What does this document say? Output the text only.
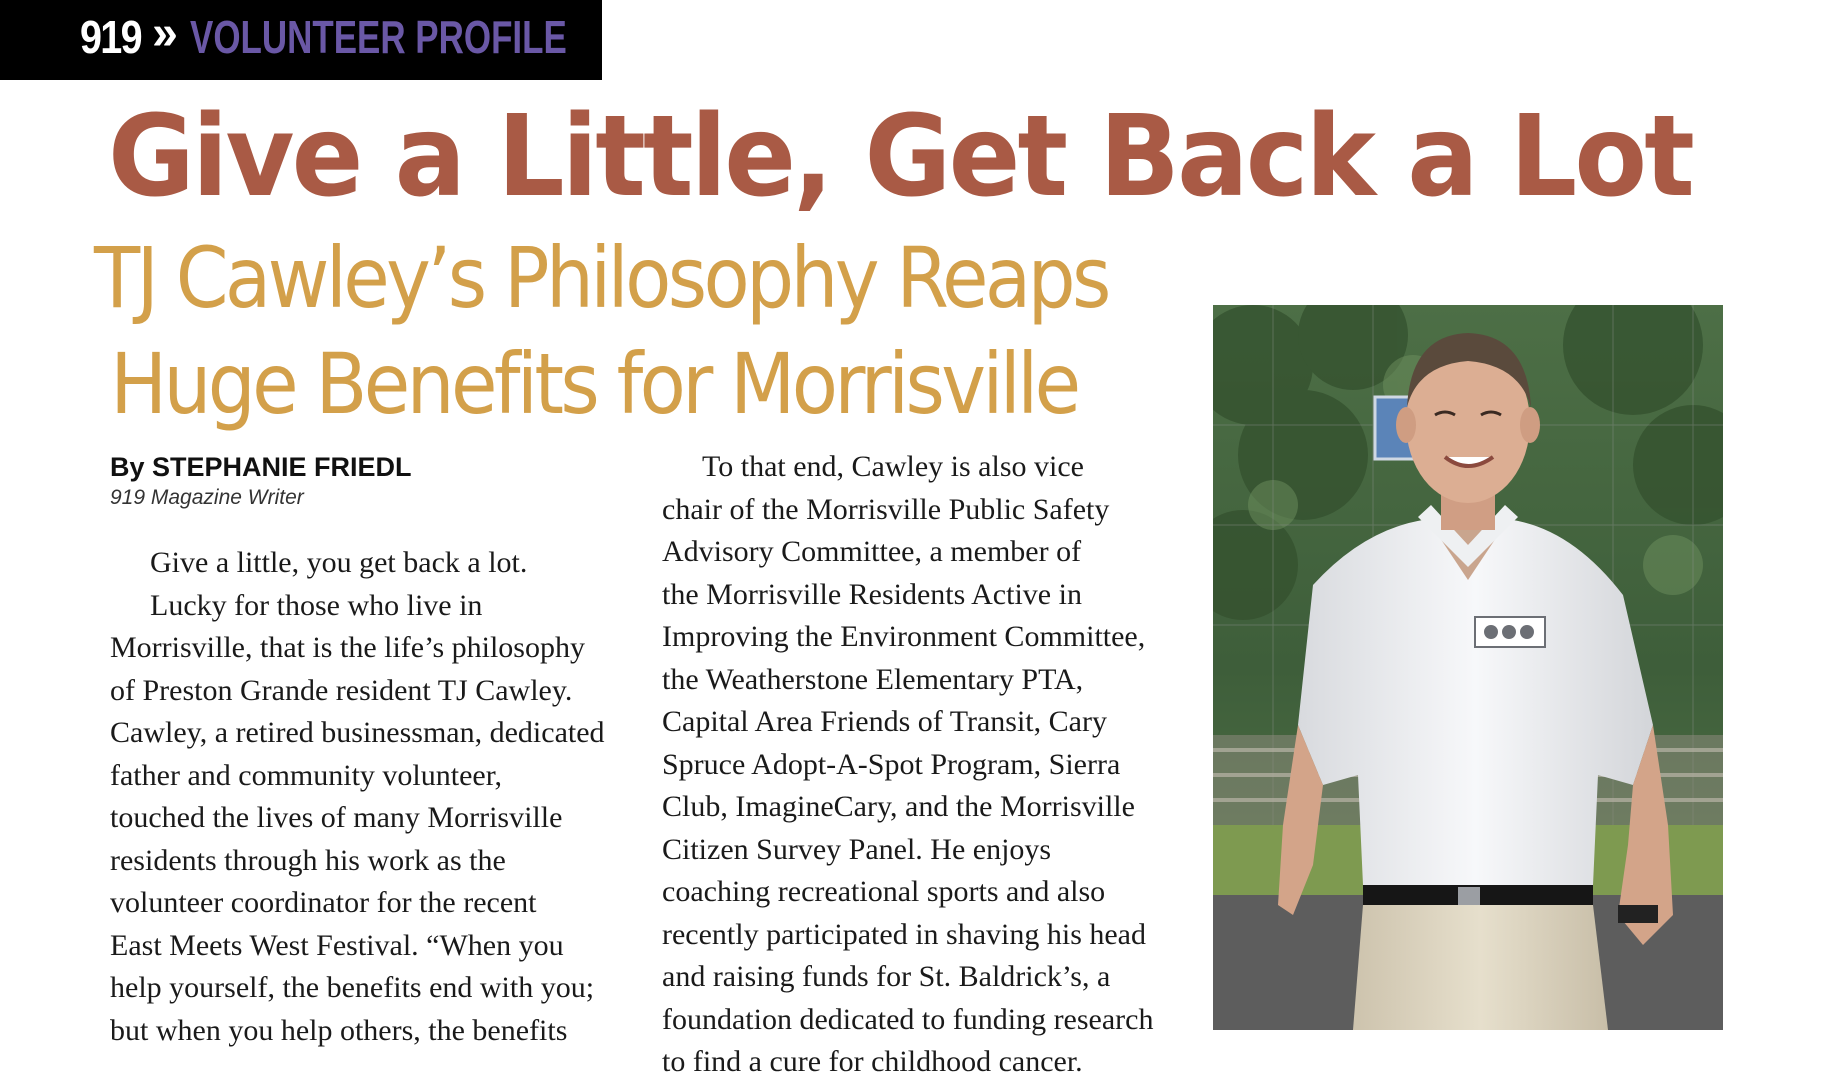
919 ›› VOLUNTEER PROFILE
Give a Little, Get Back a Lot
TJ Cawley’s Philosophy Reaps
Huge Benefits for Morrisville
By STEPHANIE FRIEDL
919 Magazine Writer

Give a little, you get back a lot.

Lucky for those who live in

Morrisville, that is the life’s philosophy

of Preston Grande resident TJ Cawley.

Cawley, a retired businessman, dedicated

father and community volunteer,

touched the lives of many Morrisville

residents through his work as the

volunteer coordinator for the recent

East Meets West Festival. “When you

help yourself, the benefits end with you;

but when you help others, the benefits

To that end, Cawley is also vice

chair of the Morrisville Public Safety

Advisory Committee, a member of

the Morrisville Residents Active in

Improving the Environment Committee,

the Weatherstone Elementary PTA,

Capital Area Friends of Transit, Cary

Spruce Adopt-A-Spot Program, Sierra

Club, ImagineCary, and the Morrisville

Citizen Survey Panel. He enjoys

coaching recreational sports and also

recently participated in shaving his head

and raising funds for St. Baldrick’s, a

foundation dedicated to funding research

to find a cure for childhood cancer.
